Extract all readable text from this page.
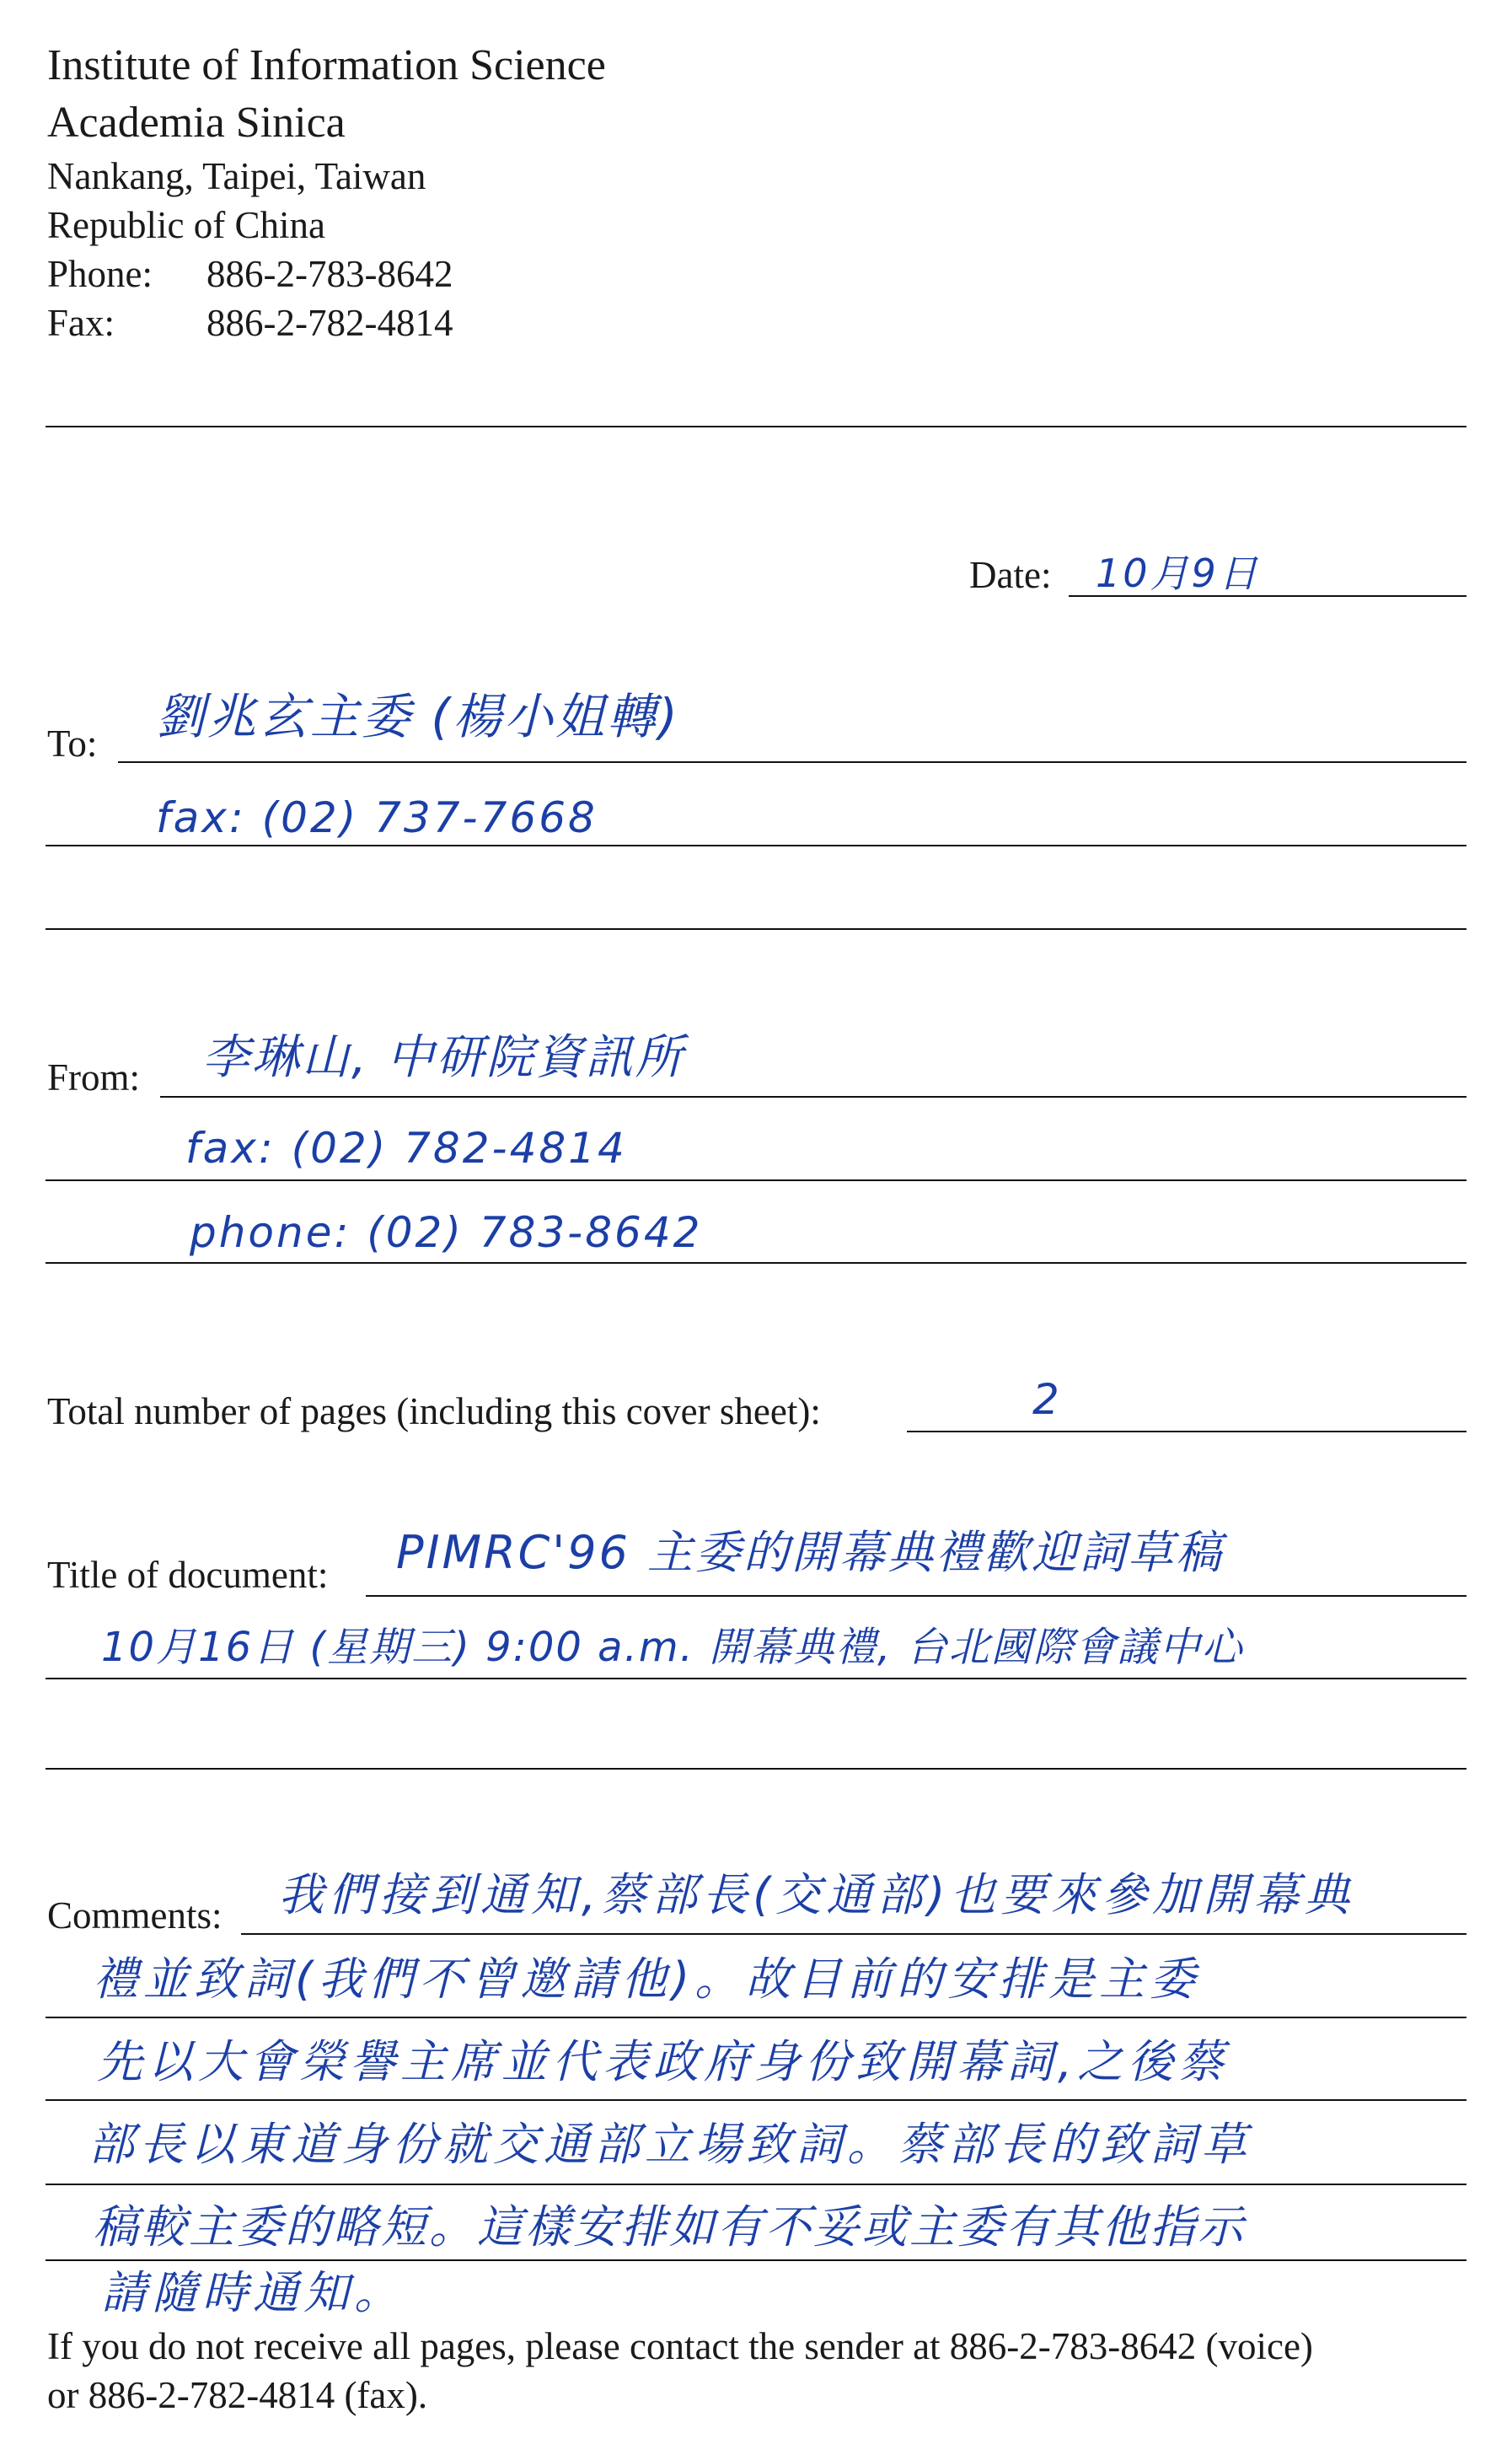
Institute of Information Science
Academia Sinica
Nankang, Taipei, Taiwan
Republic of China
Phone: 886-2-783-8642
Fax: 886-2-782-4814
Date: 10月9日
To: 劉兆玄主委 (楊小姐轉)
fax: (02) 737-7668
From: 李琳山, 中研院資訊所
fax: (02) 782-4814
phone: (02) 783-8642
Total number of pages (including this cover sheet):	2
Title of document: PIMRC'96 主委的開幕典禮歡迎詞草稿
10月16日 (星期三) 9:00 a.m. 開幕典禮, 台北國際會議中心
Comments: 我們接到通知,蔡部長(交通部)也要來參加開幕典
禮並致詞(我們不曾邀請他)。故目前的安排是主委
先以大會榮譽主席並代表政府身份致開幕詞,之後蔡
部長以東道身份就交通部立場致詞。蔡部長的致詞草
稿較主委的略短。這樣安排如有不妥或主委有其他指示
請隨時通知。
If you do not receive all pages, please contact the sender at 886-2-783-8642 (voice)
or 886-2-782-4814 (fax).
